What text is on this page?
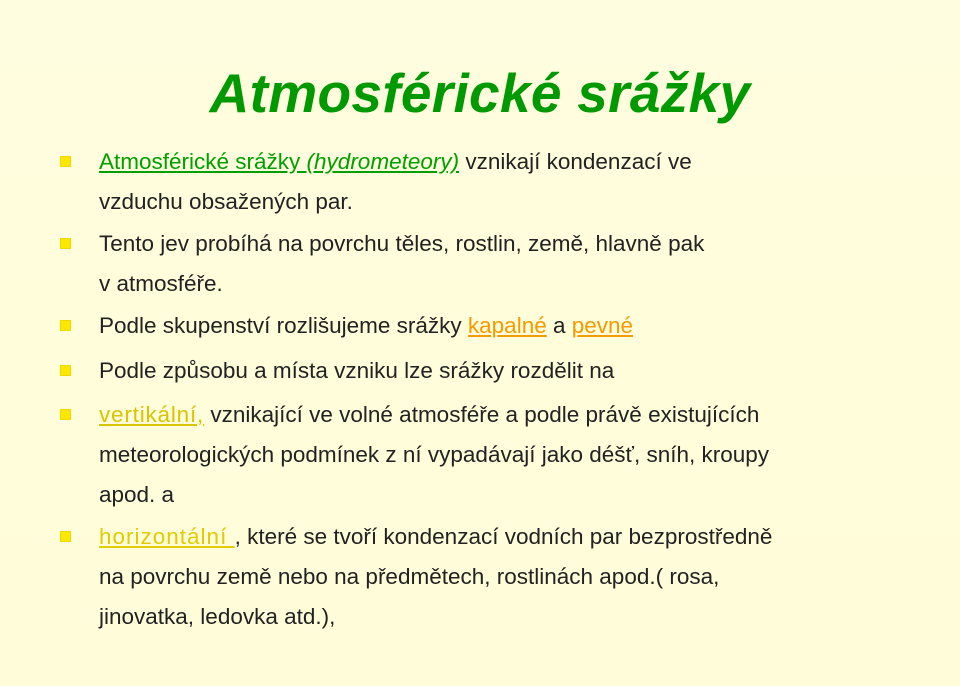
Atmosférické srážky
Atmosférické srážky (hydrometeory) vznikají kondenzací ve
vzduchu obsažených par.
Tento jev probíhá na povrchu těles, rostlin, země, hlavně pak
v atmosféře.
Podle skupenství rozlišujeme srážky kapalné a pevné
Podle způsobu a místa vzniku lze srážky rozdělit na
vertikální, vznikající ve volné atmosféře a podle právě existujících
meteorologických podmínek z ní vypadávají jako déšť, sníh, kroupy
apod. a
horizontální , které se tvoří kondenzací vodních par bezprostředně
na povrchu země nebo na předmětech, rostlinách apod.( rosa,
jinovatka, ledovka atd.),
